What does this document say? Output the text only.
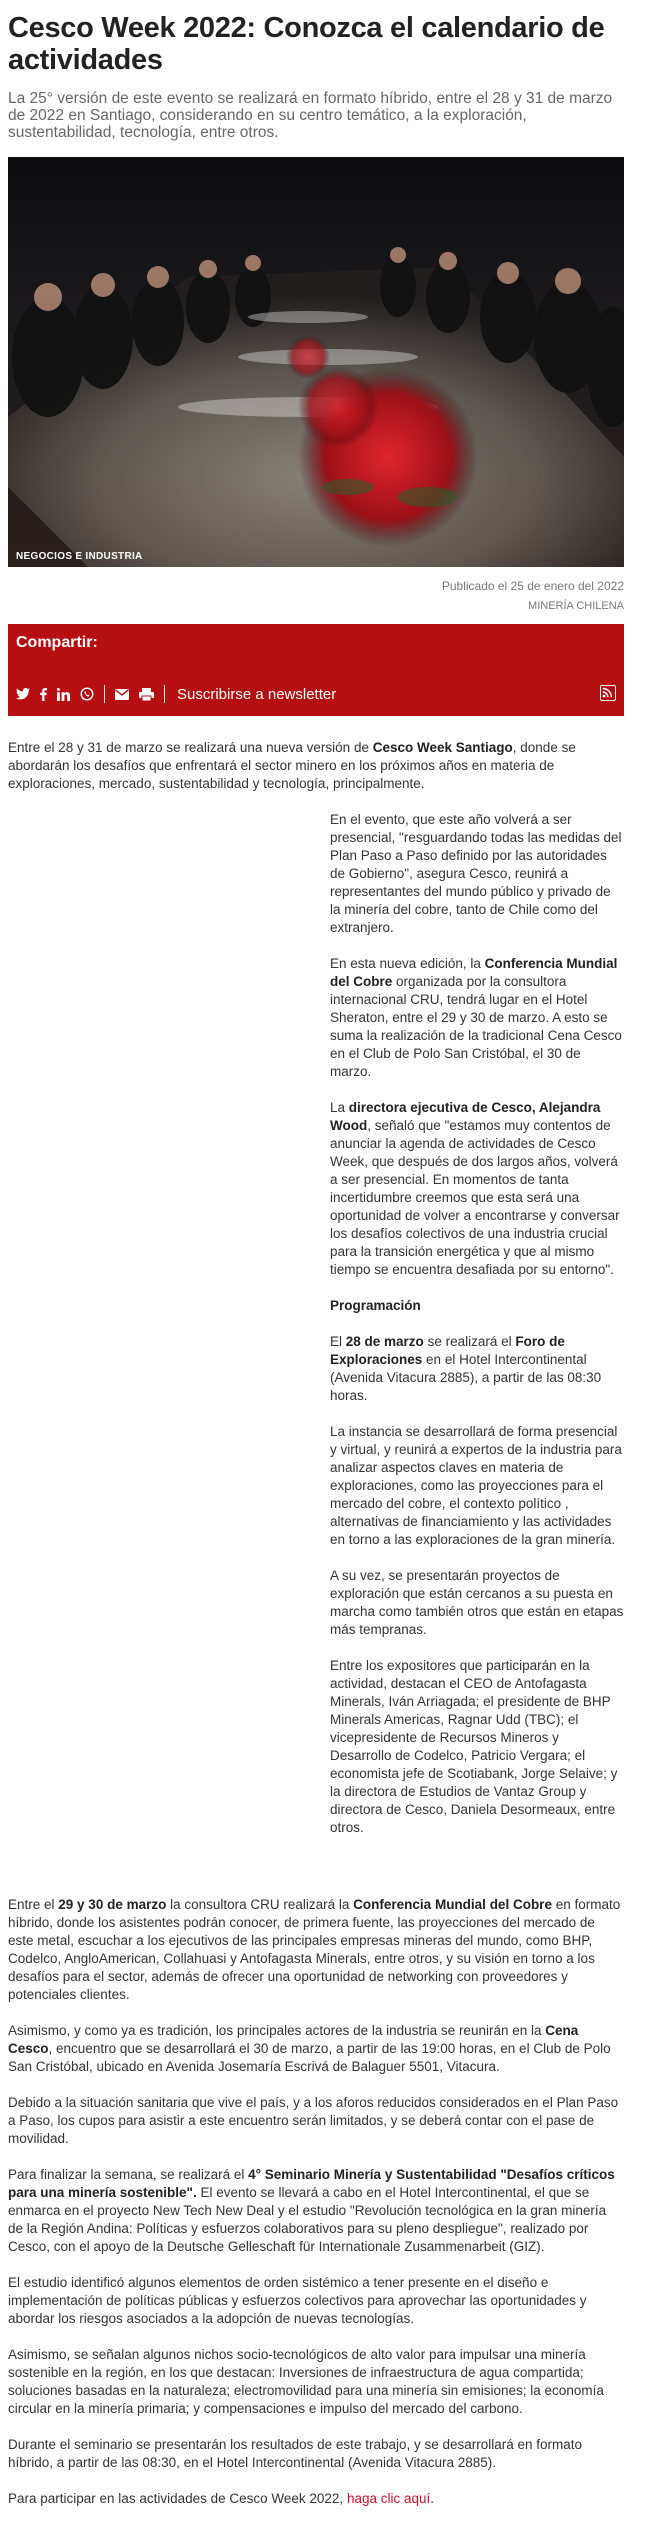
Cesco Week 2022: Conozca el calendario de actividades

La 25° versión de este evento se realizará en formato híbrido, entre el 28 y 31 de marzo de 2022 en Santiago, considerando en su centro temático, a la exploración, sustentabilidad, tecnología, entre otros.

NEGOCIOS E INDUSTRIA
Publicado el 25 de enero del 2022
MINERÍA CHILENA
Compartir:
Suscribirse a newsletter

Entre el 28 y 31 de marzo se realizará una nueva versión de Cesco Week Santiago, donde se abordarán los desafíos que enfrentará el sector minero en los próximos años en materia de exploraciones, mercado, sustentabilidad y tecnología, principalmente.

En el evento, que este año volverá a ser presencial, "resguardando todas las medidas del Plan Paso a Paso definido por las autoridades de Gobierno", asegura Cesco, reunirá a representantes del mundo público y privado de la minería del cobre, tanto de Chile como del extranjero.

En esta nueva edición, la Conferencia Mundial del Cobre organizada por la consultora internacional CRU, tendrá lugar en el Hotel Sheraton, entre el 29 y 30 de marzo. A esto se suma la realización de la tradicional Cena Cesco en el Club de Polo San Cristóbal, el 30 de marzo.

La directora ejecutiva de Cesco, Alejandra Wood, señaló que "estamos muy contentos de anunciar la agenda de actividades de Cesco Week, que después de dos largos años, volverá a ser presencial. En momentos de tanta incertidumbre creemos que esta será una oportunidad de volver a encontrarse y conversar los desafíos colectivos de una industria crucial para la transición energética y que al mismo tiempo se encuentra desafiada por su entorno".

Programación

El 28 de marzo se realizará el Foro de Exploraciones en el Hotel Intercontinental (Avenida Vitacura 2885), a partir de las 08:30 horas.

La instancia se desarrollará de forma presencial y virtual, y reunirá a expertos de la industria para analizar aspectos claves en materia de exploraciones, como las proyecciones para el mercado del cobre, el contexto político , alternativas de financiamiento y las actividades en torno a las exploraciones de la gran minería.

A su vez, se presentarán proyectos de exploración que están cercanos a su puesta en marcha como también otros que están en etapas más tempranas.

Entre los expositores que participarán en la actividad, destacan el CEO de Antofagasta Minerals, Iván Arriagada; el presidente de BHP Minerals Americas, Ragnar Udd (TBC); el vicepresidente de Recursos Mineros y Desarrollo de Codelco, Patricio Vergara; el economista jefe de Scotiabank, Jorge Selaive; y la directora de Estudios de Vantaz Group y directora de Cesco, Daniela Desormeaux, entre otros.

Entre el 29 y 30 de marzo la consultora CRU realizará la Conferencia Mundial del Cobre en formato híbrido, donde los asistentes podrán conocer, de primera fuente, las proyecciones del mercado de este metal, escuchar a los ejecutivos de las principales empresas mineras del mundo, como BHP, Codelco, AngloAmerican, Collahuasi y Antofagasta Minerals, entre otros, y su visión en torno a los desafíos para el sector, además de ofrecer una oportunidad de networking con proveedores y potenciales clientes.

Asimismo, y como ya es tradición, los principales actores de la industria se reunirán en la Cena Cesco, encuentro que se desarrollará el 30 de marzo, a partir de las 19:00 horas, en el Club de Polo San Cristóbal, ubicado en Avenida Josemaría Escrivá de Balaguer 5501, Vitacura.

Debido a la situación sanitaria que vive el país, y a los aforos reducidos considerados en el Plan Paso a Paso, los cupos para asistir a este encuentro serán limitados, y se deberá contar con el pase de movilidad.

Para finalizar la semana, se realizará el 4° Seminario Minería y Sustentabilidad "Desafíos críticos para una minería sostenible". El evento se llevará a cabo en el Hotel Intercontinental, el que se enmarca en el proyecto New Tech New Deal y el estudio "Revolución tecnológica en la gran minería de la Región Andina: Políticas y esfuerzos colaborativos para su pleno despliegue", realizado por Cesco, con el apoyo de la Deutsche Gelleschaft für Internationale Zusammenarbeit (GIZ).

El estudio identificó algunos elementos de orden sistémico a tener presente en el diseño e implementación de políticas públicas y esfuerzos colectivos para aprovechar las oportunidades y abordar los riesgos asociados a la adopción de nuevas tecnologías.

Asimismo, se señalan algunos nichos socio-tecnológicos de alto valor para impulsar una minería sostenible en la región, en los que destacan: Inversiones de infraestructura de agua compartida; soluciones basadas en la naturaleza; electromovilidad para una minería sin emisiones; la economía circular en la minería primaria; y compensaciones e impulso del mercado del carbono.

Durante el seminario se presentarán los resultados de este trabajo, y se desarrollará en formato híbrido, a partir de las 08:30, en el Hotel Intercontinental (Avenida Vitacura 2885).

Para participar en las actividades de Cesco Week 2022, haga clic aquí.
